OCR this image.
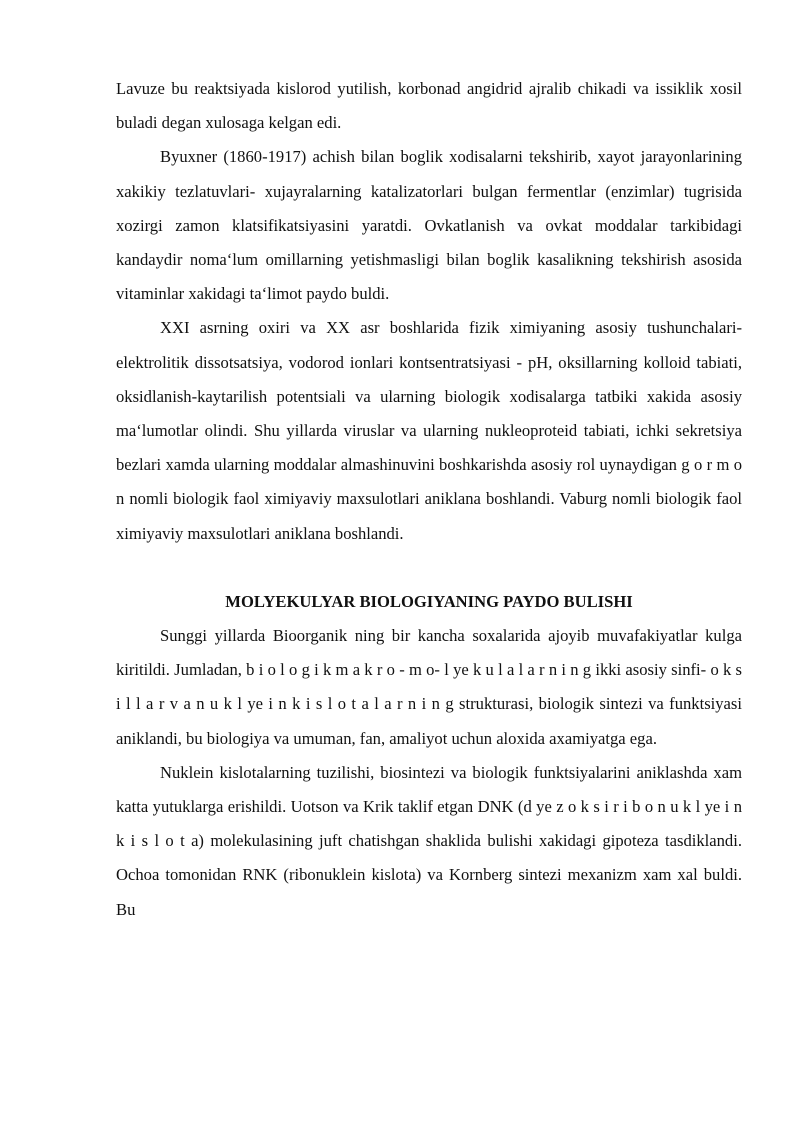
Lavuze bu reaktsiyada kislorod yutilish, korbonad angidrid ajralib chikadi va issiklik xosil buladi degan xulosaga kelgan edi.

Byuxner (1860-1917) achish bilan boglik xodisalarni tekshirib, xayot jarayonlarining xakikiy tezlatuvlari- xujayralarning katalizatorlari bulgan fermentlar (enzimlar) tugrisida xozirgi zamon klatsifikatsiyasini yaratdi. Ovkatlanish va ovkat moddalar tarkibidagi kandaydir noma‘lum omillarning yetishmasligi bilan boglik kasalikning tekshirish asosida vitaminlar xakidagi ta‘limot paydo buldi.

XXI asrning oxiri va XX asr boshlarida fizik ximiyaning asosiy tushunchalari- elektrolitik dissotsatsiya, vodorod ionlari kontsentratsiyasi - pH, oksillarning kolloid tabiati, oksidlanish-kaytarilish potentsiali va ularning biologik xodisalarga tatbiki xakida asosiy ma‘lumotlar olindi. Shu yillarda viruslar va ularning nukleoproteid tabiati, ichki sekretsiya bezlari xamda ularning moddalar almashinuvini boshkarishda asosiy rol uynaydigan g o r m o n nomli biologik faol ximiyaviy maxsulotlari aniklana boshlandi. Vaburg nomli biologik faol ximiyaviy maxsulotlari aniklana boshlandi.

MOLYEKULYAR BIOLOGIYANING PAYDO BULISHI

Sunggi yillarda Bioorganik ning bir kancha soxalarida ajoyib muvafakiyatlar kulga kiritildi. Jumladan, b i o l o g i k m a k r o - m o- l ye k u l a l a r n i n g ikki asosiy sinfi- o k s i l l a r v a n u k l ye i n k i s l o t a l a r n i n g strukturasi, biologik sintezi va funktsiyasi aniklandi, bu biologiya va umuman, fan, amaliyot uchun aloxida axamiyatga ega.

Nuklein kislotalarning tuzilishi, biosintezi va biologik funktsiyalarini aniklashda xam katta yutuklarga erishildi. Uotson va Krik taklif etgan DNK (d ye z o k s i r i b o n u k l ye i n k i s l o t a) molekulasining juft chatishgan shaklida bulishi xakidagi gipoteza tasdiklandi. Ochoa tomonidan RNK (ribonuklein kislota) va Kornberg sintezi mexanizm xam xal buldi. Bu
